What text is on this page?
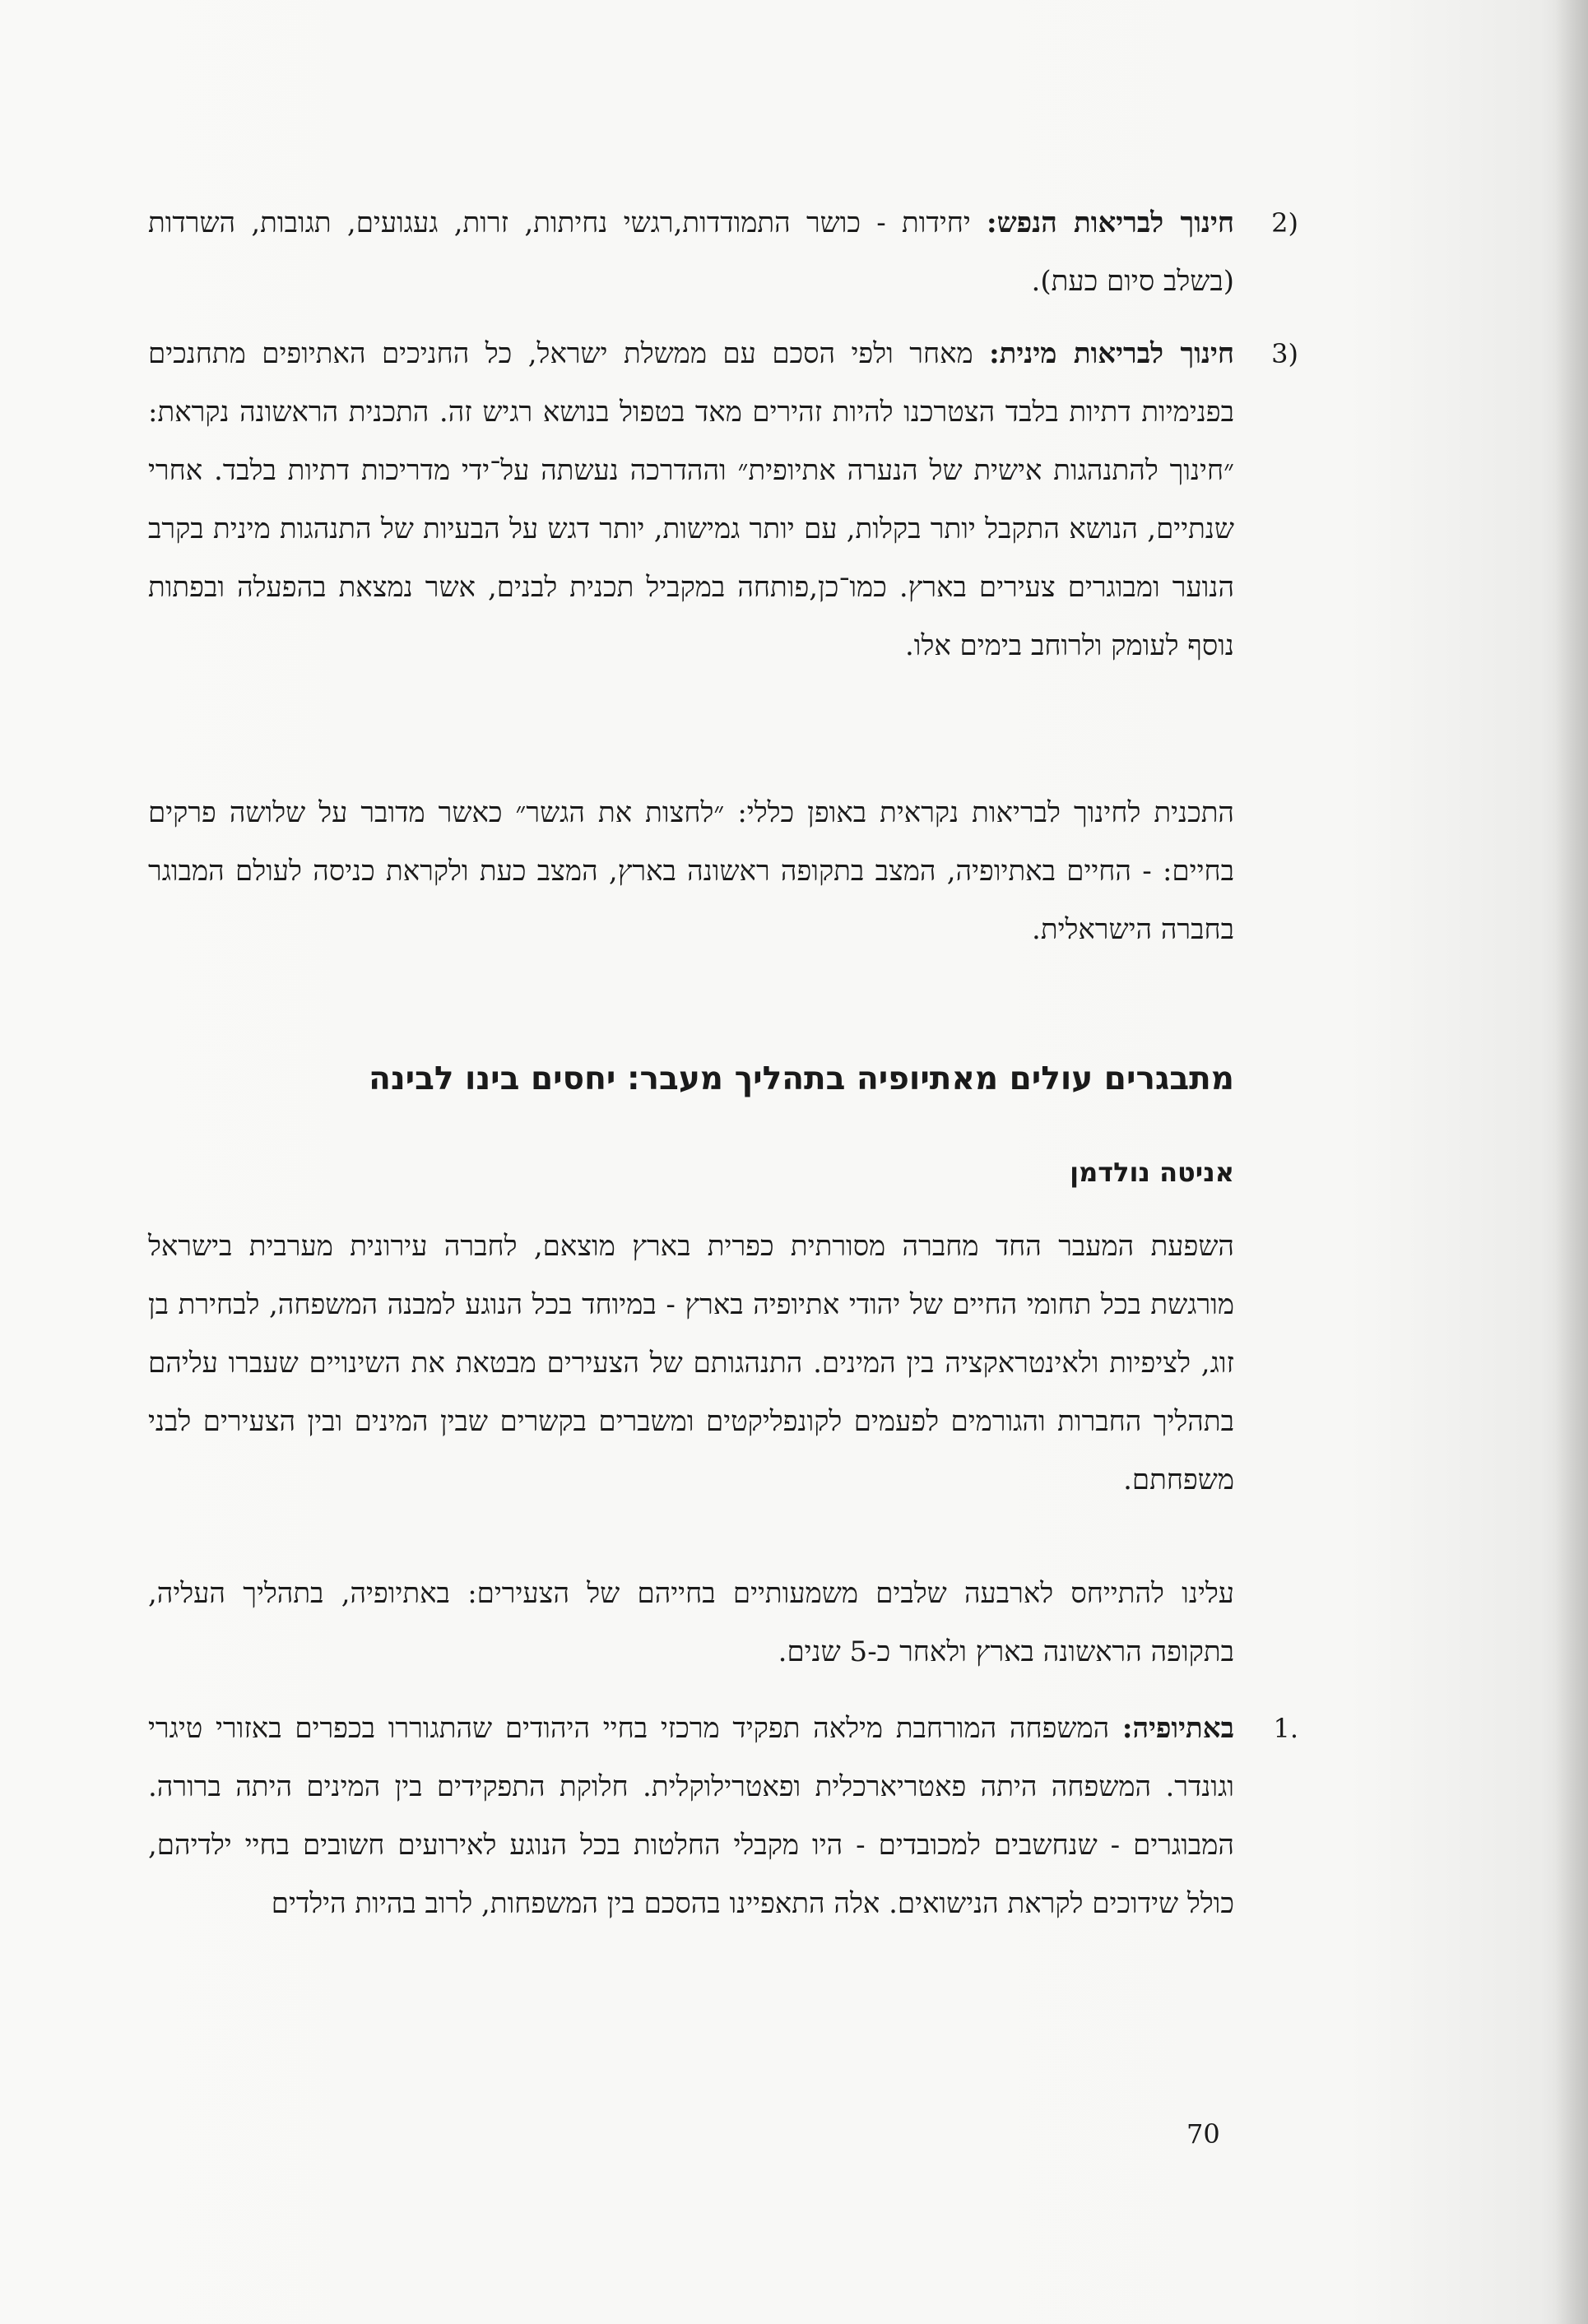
2)

חינוך לבריאות הנפש: יחידות - כושר התמודדות,רגשי נחיתות, זרות, געגועים, תגובות, השרדות (בשלב סיום כעת).

3)

חינוך לבריאות מינית: מאחר ולפי הסכם עם ממשלת ישראל, כל החניכים האתיופים מתחנכים בפנימיות דתיות בלבד הצטרכנו להיות זהירים מאד בטפול בנושא רגיש זה. התכנית הראשונה נקראת: ״חינוך להתנהגות אישית של הנערה אתיופית״ וההדרכה נעשתה על־ידי מדריכות דתיות בלבד. אחרי שנתיים, הנושא התקבל יותר בקלות, עם יותר גמישות, יותר דגש על הבעיות של התנהגות מינית בקרב הנוער ומבוגרים צעירים בארץ. כמו־כן,פותחה במקביל תכנית לבנים, אשר נמצאת בהפעלה ובפתות נוסף לעומק ולרוחב בימים אלו.

התכנית לחינוך לבריאות נקראית באופן כללי: ״לחצות את הגשר״ כאשר מדובר על שלושה פרקים בחיים: - החיים באתיופיה, המצב בתקופה ראשונה בארץ, המצב כעת ולקראת כניסה לעולם המבוגר בחברה הישראלית.

מתבגרים עולים מאתיופיה בתהליך מעבר: יחסים בינו לבינה

אניטה נולדמן

השפעת המעבר החד מחברה מסורתית כפרית בארץ מוצאם, לחברה עירונית מערבית בישראל מורגשת בכל תחומי החיים של יהודי אתיופיה בארץ - במיוחד בכל הנוגע למבנה המשפחה, לבחירת בן זוג, לציפיות ולאינטראקציה בין המינים. התנהגותם של הצעירים מבטאת את השינויים שעברו עליהם בתהליך החברות והגורמים לפעמים לקונפליקטים ומשברים בקשרים שבין המינים ובין הצעירים לבני משפחתם.

עלינו להתייחס לארבעה שלבים משמעותיים בחייהם של הצעירים: באתיופיה, בתהליך העליה, בתקופה הראשונה בארץ ולאחר כ-5 שנים.

1.

באתיופיה: המשפחה המורחבת מילאה תפקיד מרכזי בחיי היהודים שהתגוררו בכפרים באזורי טיגרי וגונדר. המשפחה היתה פאטריארכלית ופאטרילוקלית. חלוקת התפקידים בין המינים היתה ברורה. המבוגרים - שנחשבים למכובדים - היו מקבלי החלטות בכל הנוגע לאירועים חשובים בחיי ילדיהם, כולל שידוכים לקראת הנישואים. אלה התאפיינו בהסכם בין המשפחות, לרוב בהיות הילדים

70
